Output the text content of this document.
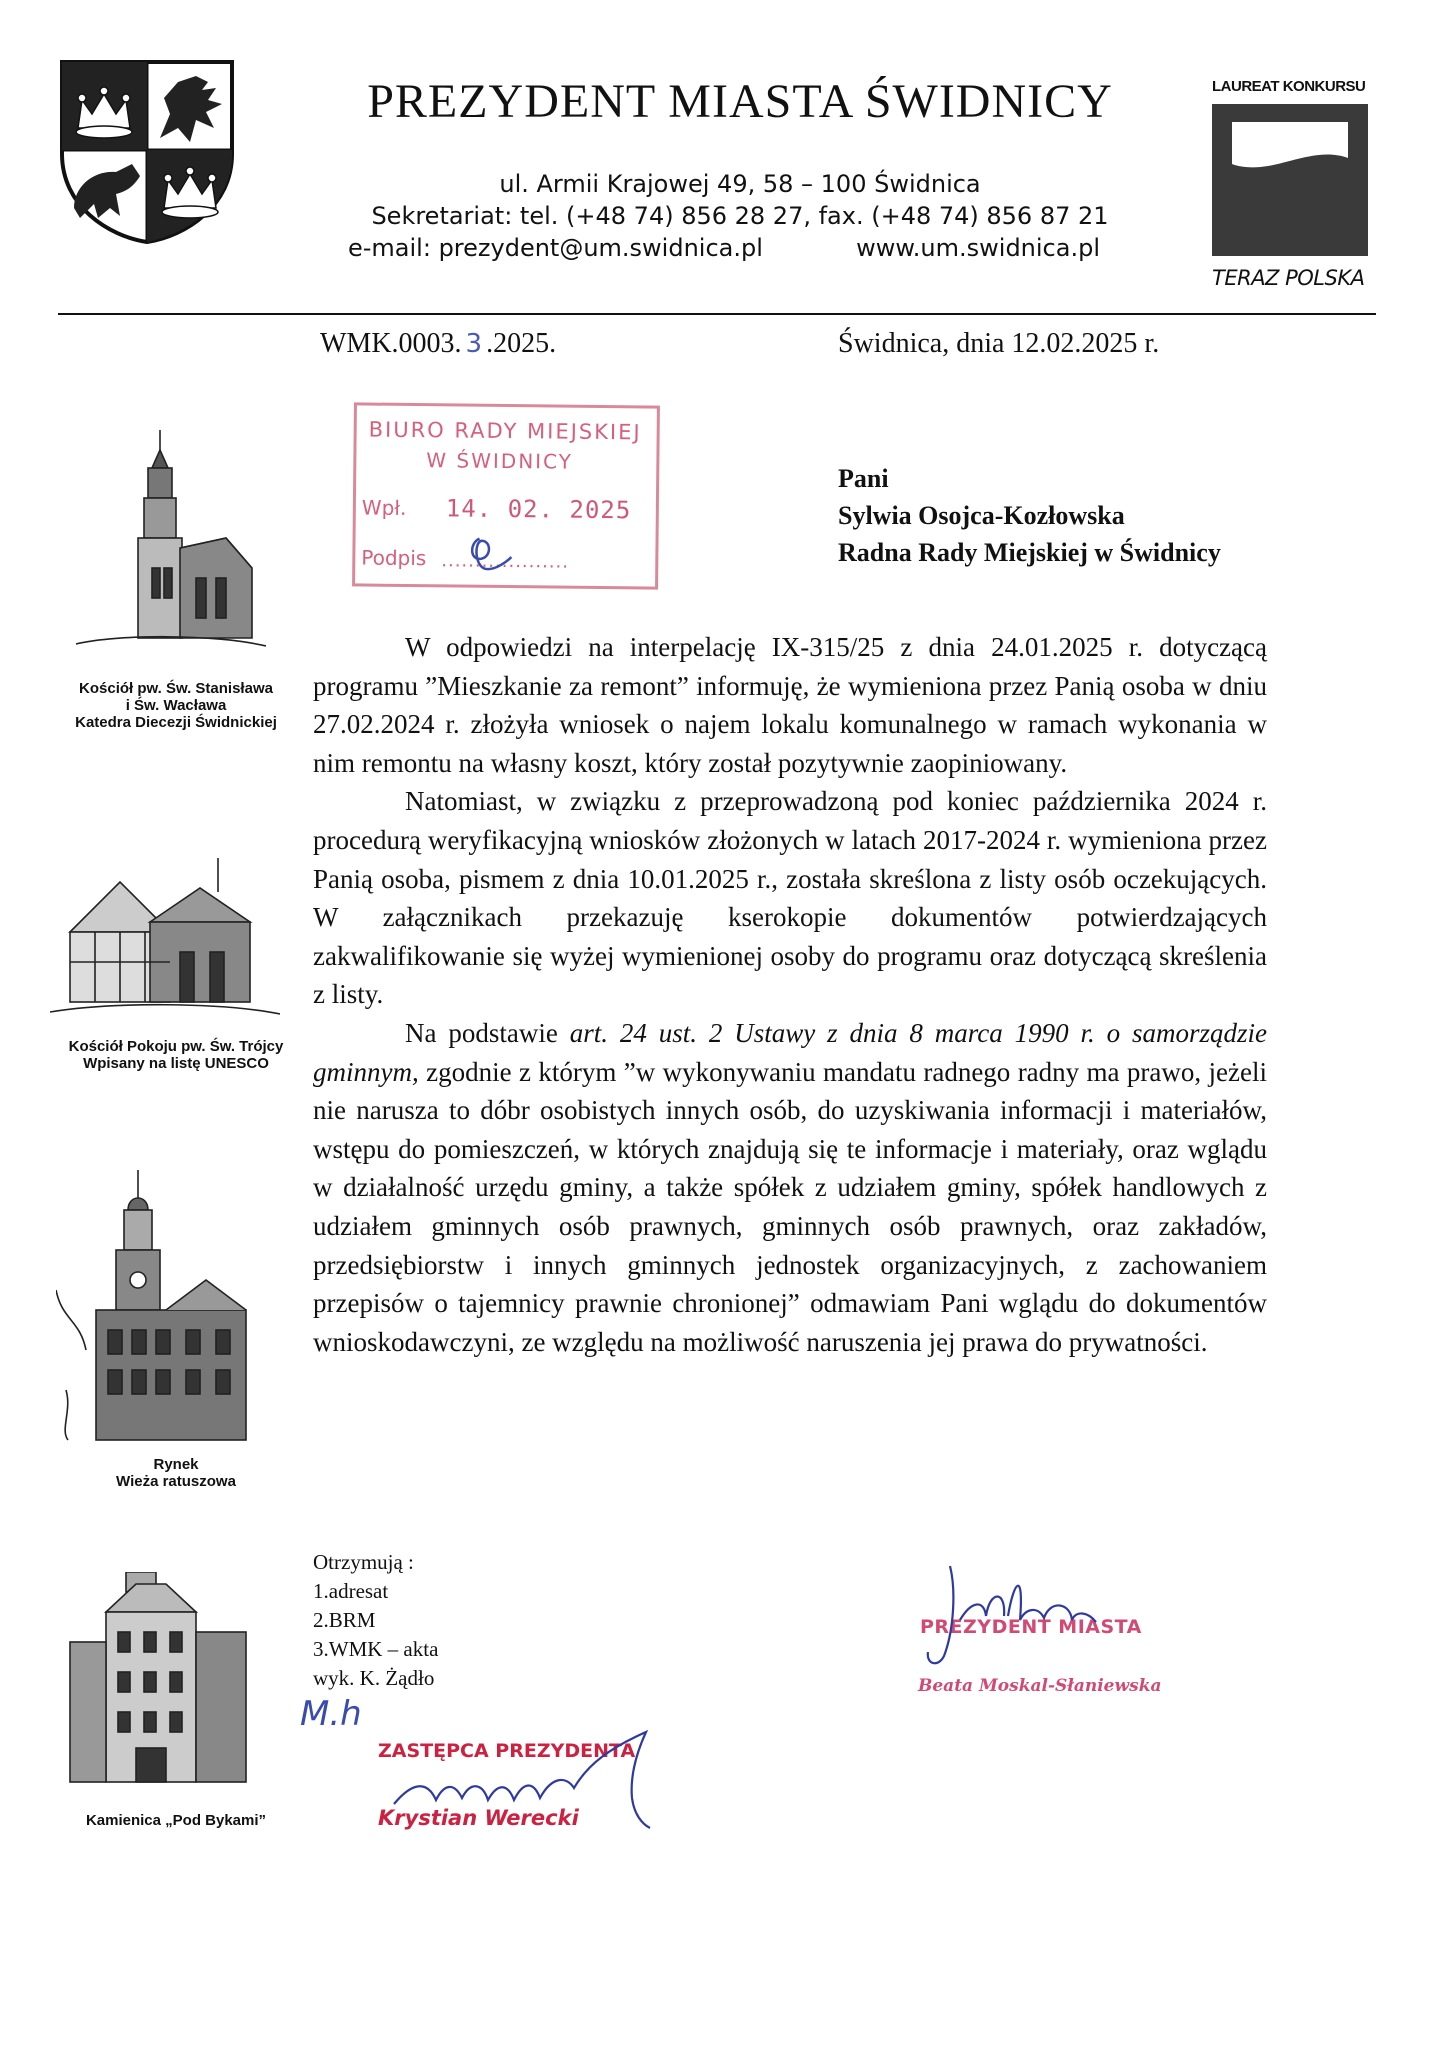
PREZYDENT MIASTA ŚWIDNICY
ul. Armii Krajowej 49, 58 – 100 Świdnica
Sekretariat: tel. (+48 74) 856 28 27, fax. (+48 74) 856 87 21
e-mail: prezydent@um.swidnica.pl	www.um.swidnica.pl
LAUREAT KONKURSU
TERAZ POLSKA
WMK.0003. 3 .2025.	Świdnica, dnia 12.02.2025 r.
BIURO RADY MIEJSKIEJ
W ŚWIDNICY
Wpł. 14. 02. 2025
Podpis ...................
Pani
Sylwia Osojca-Kozłowska
Radna Rady Miejskiej w Świdnicy
Kościół pw. Św. Stanisława
i Św. Wacława
Katedra Diecezji Świdnickiej
Kościół Pokoju pw. Św. Trójcy
Wpisany na listę UNESCO
Rynek
Wieża ratuszowa
Kamienica „Pod Bykami”

W odpowiedzi na interpelację IX-315/25 z dnia 24.01.2025 r. dotyczącą programu ”Mieszkanie za remont” informuję, że wymieniona przez Panią osoba w dniu 27.02.2024 r. złożyła wniosek o najem lokalu komunalnego w ramach wykonania w nim remontu na własny koszt, który został pozytywnie zaopiniowany.

Natomiast, w związku z przeprowadzoną pod koniec października 2024 r. procedurą weryfikacyjną wniosków złożonych w latach 2017-2024 r. wymieniona przez Panią osoba, pismem z dnia 10.01.2025 r., została skreślona z listy osób oczekujących. W załącznikach przekazuję kserokopie dokumentów potwierdzających zakwalifikowanie się wyżej wymienionej osoby do programu oraz dotyczącą skreślenia z listy.

Na podstawie art. 24 ust. 2 Ustawy z dnia 8 marca 1990 r. o samorządzie gminnym, zgodnie z którym ”w wykonywaniu mandatu radnego radny ma prawo, jeżeli nie narusza to dóbr osobistych innych osób, do uzyskiwania informacji i materiałów, wstępu do pomieszczeń, w których znajdują się te informacje i materiały, oraz wglądu w działalność urzędu gminy, a także spółek z udziałem gminy, spółek handlowych z udziałem gminnych osób prawnych, gminnych osób prawnych, oraz zakładów, przedsiębiorstw i innych gminnych jednostek organizacyjnych, z zachowaniem przepisów o tajemnicy prawnie chronionej” odmawiam Pani wglądu do dokumentów wnioskodawczyni, ze względu na możliwość naruszenia jej prawa do prywatności.

Otrzymują :
1.adresat
2.BRM
3.WMK – akta
wyk. K. Żądło
M.h
ZASTĘPCA PREZYDENTA
Krystian Werecki
PREZYDENT MIASTA
Beata Moskal-Słaniewska
